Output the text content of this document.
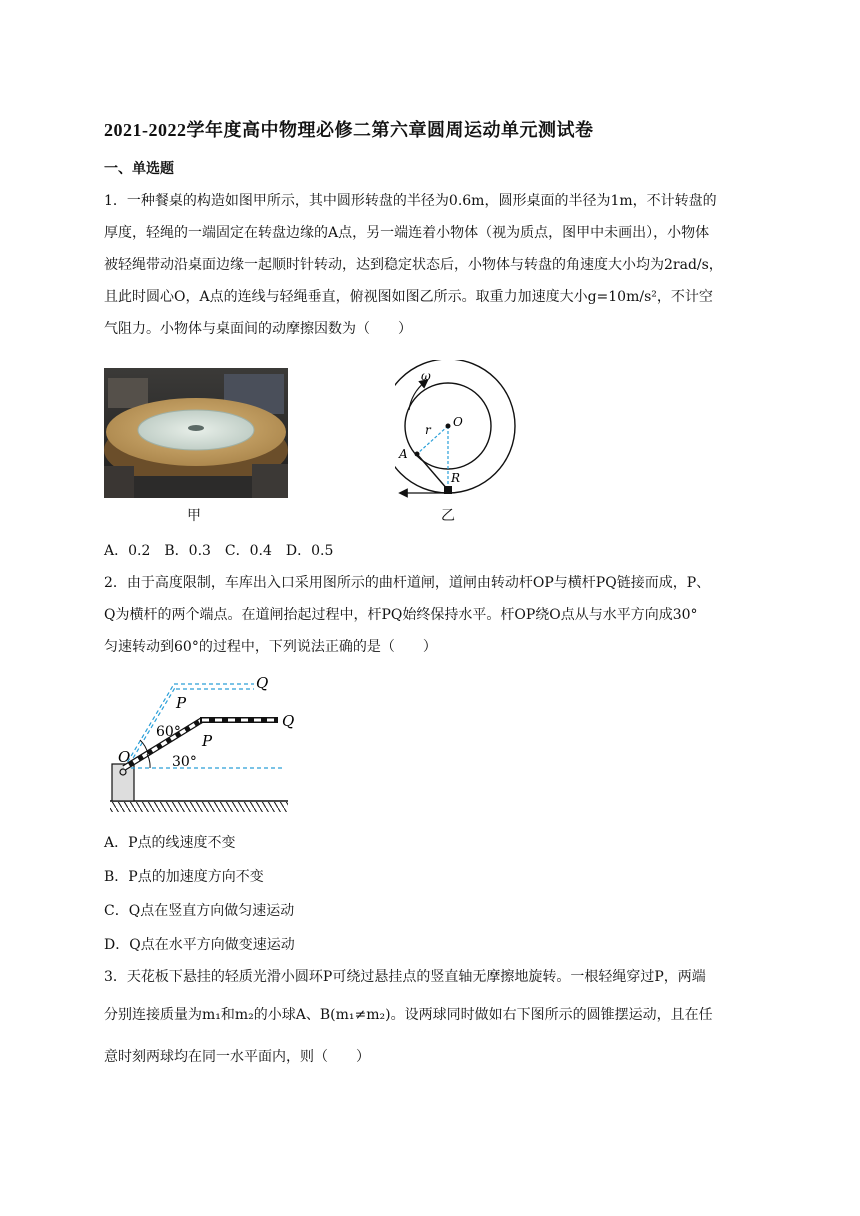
2021-2022学年度高中物理必修二第六章圆周运动单元测试卷
一、单选题
1．一种餐桌的构造如图甲所示，其中圆形转盘的半径为0.6m，圆形桌面的半径为1m，不计转盘的
厚度，轻绳的一端固定在转盘边缘的A点，另一端连着小物体（视为质点，图甲中未画出），小物体
被轻绳带动沿桌面边缘一起顺时针转动，达到稳定状态后，小物体与转盘的角速度大小均为2rad/s，
且此时圆心O，A点的连线与轻绳垂直，俯视图如图乙所示。取重力加速度大小g=10m/s²，不计空
气阻力。小物体与桌面间的动摩擦因数为（　　）
甲
ω
O
r
A
R
乙
A．0.2　B．0.3　C．0.4　D．0.5
2．由于高度限制，车库出入口采用图所示的曲杆道闸，道闸由转动杆OP与横杆PQ链接而成，P、
Q为横杆的两个端点。在道闸抬起过程中，杆PQ始终保持水平。杆OP绕O点从与水平方向成30°
匀速转动到60°的过程中，下列说法正确的是（　　）
Q
P
Q
P
O
60°
30°
A．P点的线速度不变
B．P点的加速度方向不变
C．Q点在竖直方向做匀速运动
D．Q点在水平方向做变速运动
3．天花板下悬挂的轻质光滑小圆环P可绕过悬挂点的竖直轴无摩擦地旋转。一根轻绳穿过P，两端
分别连接质量为m₁和m₂的小球A、B(m₁≠m₂)。设两球同时做如右下图所示的圆锥摆运动，且在任
意时刻两球均在同一水平面内，则（　　）
